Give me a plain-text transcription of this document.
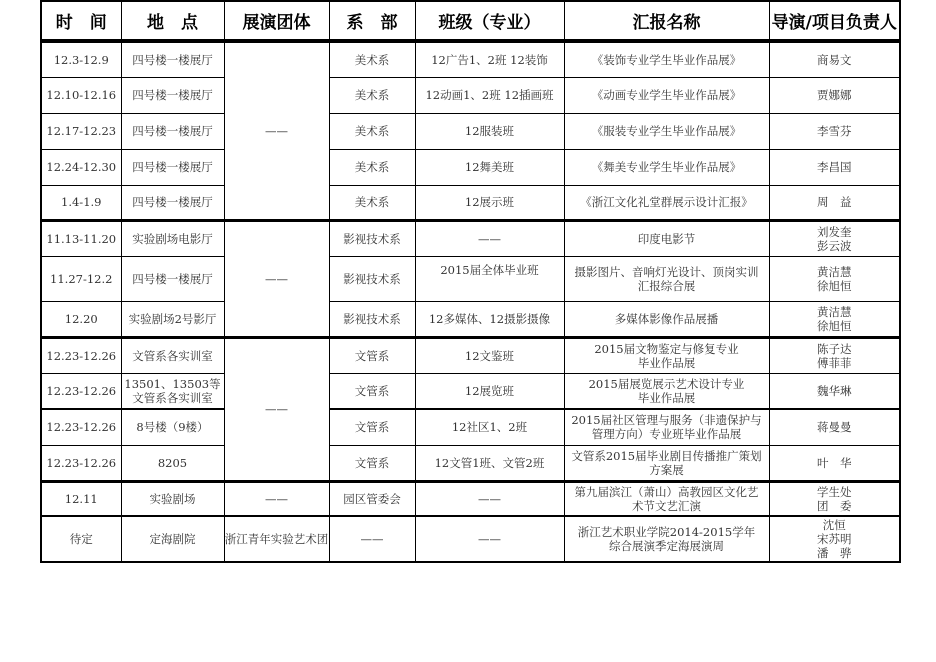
时　间	地　点	展演团体	系　部	班级（专业）	汇报名称	导演/项目负责人
12.3-12.9	四号楼一楼展厅	——	美术系	12广告1、2班 12装饰	《装饰专业学生毕业作品展》	商易文

12.10-12.16	四号楼一楼展厅		美术系	12动画1、2班 12插画班	《动画专业学生毕业作品展》	贾娜娜

12.17-12.23	四号楼一楼展厅		美术系	12服装班	《服装专业学生毕业作品展》	李雪芬

12.24-12.30	四号楼一楼展厅		美术系	12舞美班	《舞美专业学生毕业作品展》	李昌国

1.4-1.9	四号楼一楼展厅		美术系	12展示班	《浙江文化礼堂群展示设计汇报》	周　益

11.13-11.20	实验剧场电影厅	——	影视技术系	——	印度电影节	刘发奎
彭云波

11.27-12.2	四号楼一楼展厅		影视技术系	2015届全体毕业班	摄影图片、音响灯光设计、顶岗实训
汇报综合展	黄洁慧
徐旭恒

12.20	实验剧场2号影厅		影视技术系	12多媒体、12摄影摄像	多媒体影像作品展播	黄洁慧
徐旭恒

12.23-12.26	文管系各实训室	——	文管系	12文鉴班	2015届文物鉴定与修复专业
毕业作品展	陈子达
傅菲菲

12.23-12.26	13501、13503等
文管系各实训室		文管系	12展览班	2015届展览展示艺术设计专业
毕业作品展	魏华琳

12.23-12.26	8号楼（9楼）		文管系	12社区1、2班	2015届社区管理与服务（非遗保护与
管理方向）专业班毕业作品展	蒋曼曼

12.23-12.26	8205		文管系	12文管1班、文管2班	文管系2015届毕业剧目传播推广策划
方案展	叶　华

12.11	实验剧场	——	园区管委会	——	第九届滨江（萧山）高教园区文化艺
术节文艺汇演	学生处
团　委

待定	定海剧院	浙江青年实验艺术团	——	——	浙江艺术职业学院2014-2015学年
综合展演季定海展演周	沈恒
宋苏明
潘　骅
